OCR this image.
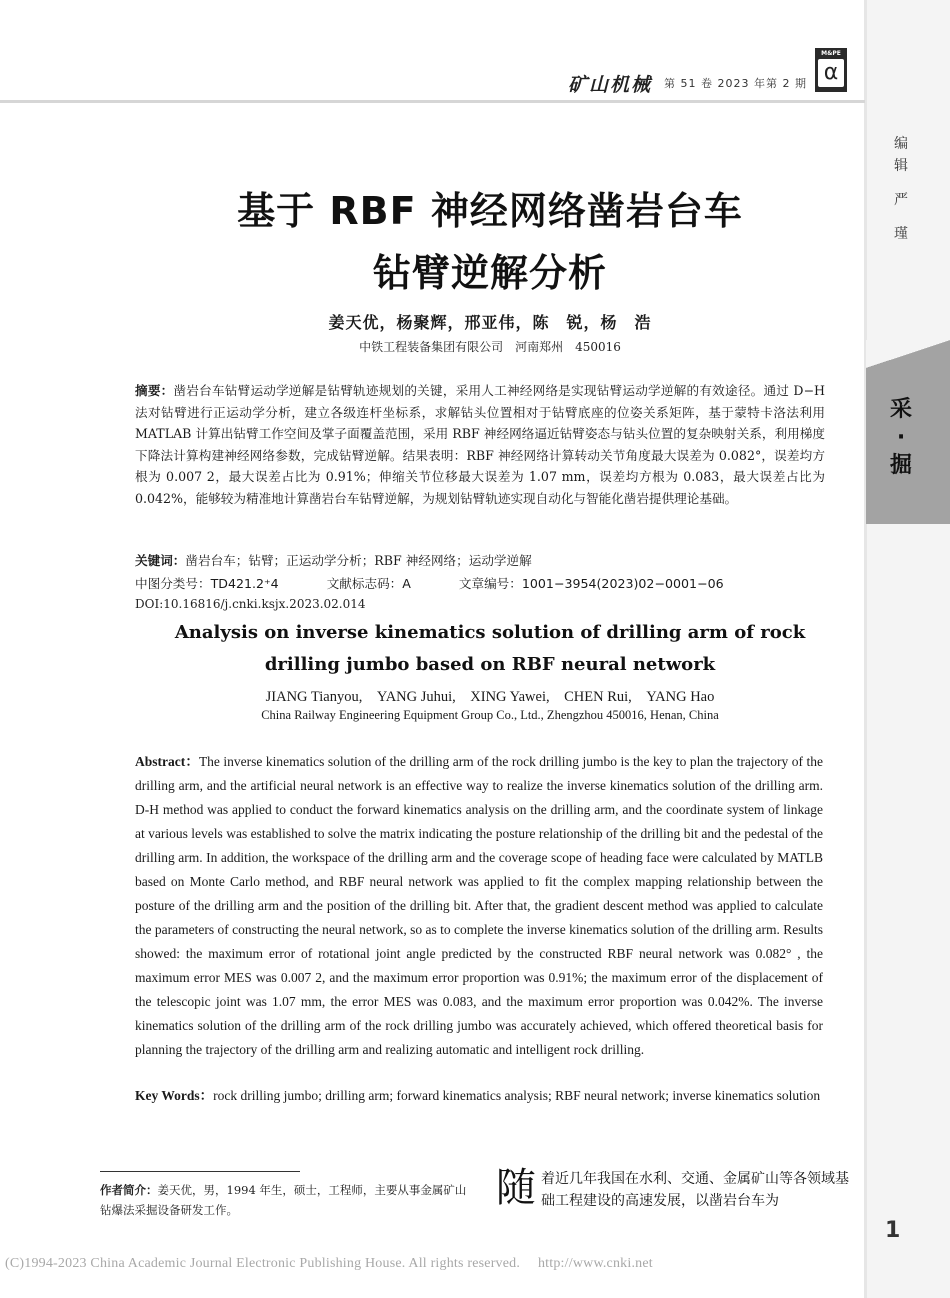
编
辑
严
瑾
采
·
掘
1
矿山机械 第 51 卷 2023 年第 2 期
M&PE
α
基于 RBF 神经网络凿岩台车
钻臂逆解分析
姜天优，杨聚辉，邢亚伟，陈　锐，杨　浩
中铁工程装备集团有限公司　河南郑州　450016
摘要：凿岩台车钻臂运动学逆解是钻臂轨迹规划的关键，采用人工神经网络是实现钻臂运动学逆解的有效途径。通过 D−H 法对钻臂进行正运动学分析，建立各级连杆坐标系，求解钻头位置相对于钻臂底座的位姿关系矩阵，基于蒙特卡洛法利用 MATLAB 计算出钻臂工作空间及掌子面覆盖范围，采用 RBF 神经网络逼近钻臂姿态与钻头位置的复杂映射关系，利用梯度下降法计算构建神经网络参数，完成钻臂逆解。结果表明：RBF 神经网络计算转动关节角度最大误差为 0.082°，误差均方根为 0.007 2，最大误差占比为 0.91%；伸缩关节位移最大误差为 1.07 mm，误差均方根为 0.083，最大误差占比为 0.042%，能够较为精准地计算凿岩台车钻臂逆解，为规划钻臂轨迹实现自动化与智能化凿岩提供理论基础。
关键词：凿岩台车；钻臂；正运动学分析；RBF 神经网络；运动学逆解
中图分类号：TD421.2⁺4	文献标志码：A	文章编号：1001−3954(2023)02−0001−06
DOI:10.16816/j.cnki.ksjx.2023.02.014
Analysis on inverse kinematics solution of drilling arm of rock
drilling jumbo based on RBF neural network
JIANG Tianyou,　YANG Juhui,　XING Yawei,　CHEN Rui,　YANG Hao
China Railway Engineering Equipment Group Co., Ltd., Zhengzhou 450016, Henan, China
Abstract：The inverse kinematics solution of the drilling arm of the rock drilling jumbo is the key to plan the trajectory of the drilling arm, and the artificial neural network is an effective way to realize the inverse kinematics solution of the drilling arm. D-H method was applied to conduct the forward kinematics analysis on the drilling arm, and the coordinate system of linkage at various levels was established to solve the matrix indicating the posture relationship of the drilling bit and the pedestal of the drilling arm. In addition, the workspace of the drilling arm and the coverage scope of heading face were calculated by MATLB based on Monte Carlo method, and RBF neural network was applied to fit the complex mapping relationship between the posture of the drilling arm and the position of the drilling bit. After that, the gradient descent method was applied to calculate the parameters of constructing the neural network, so as to complete the inverse kinematics solution of the drilling arm. Results showed: the maximum error of rotational joint angle predicted by the constructed RBF neural network was 0.082° , the maximum error MES was 0.007 2, and the maximum error proportion was 0.91%; the maximum error of the displacement of the telescopic joint was 1.07 mm, the error MES was 0.083, and the maximum error proportion was 0.042%. The inverse kinematics solution of the drilling arm of the rock drilling jumbo was accurately achieved, which offered theoretical basis for planning the trajectory of the drilling arm and realizing automatic and intelligent rock drilling.
Key Words：rock drilling jumbo; drilling arm; forward kinematics analysis; RBF neural network; inverse kinematics solution
作者简介：姜天优，男，1994 年生，硕士，工程师，主要从事金属矿山钻爆法采掘设备研发工作。	随 着近几年我国在水利、交通、金属矿山等各领域基础工程建设的高速发展，以凿岩台车为
(C)1994-2023 China Academic Journal Electronic Publishing House. All rights reserved.　 http://www.cnki.net
